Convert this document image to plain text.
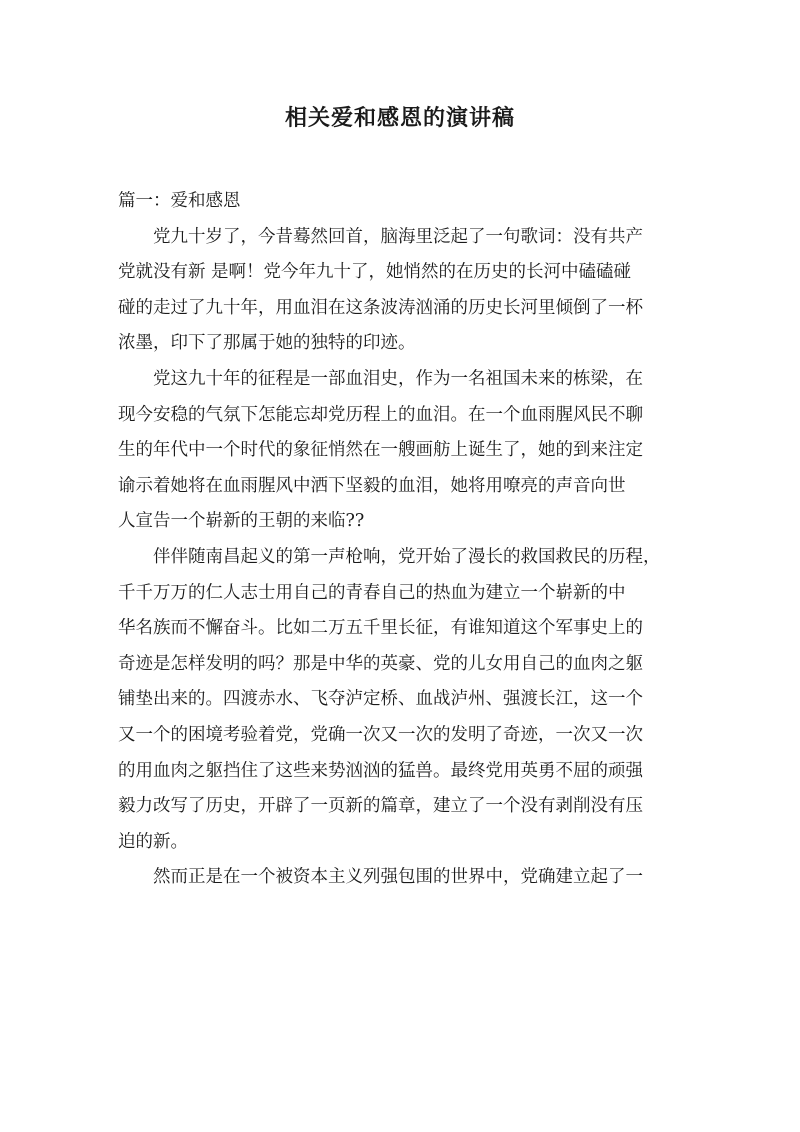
相关爱和感恩的演讲稿
篇一：爱和感恩
　　党九十岁了，今昔蓦然回首，脑海里泛起了一句歌词：没有共产
党就没有新 是啊！党今年九十了，她悄然的在历史的长河中磕磕碰
碰的走过了九十年，用血泪在这条波涛汹涌的历史长河里倾倒了一杯
浓墨，印下了那属于她的独特的印迹。
　　党这九十年的征程是一部血泪史，作为一名祖国未来的栋梁，在
现今安稳的气氛下怎能忘却党历程上的血泪。在一个血雨腥风民不聊
生的年代中一个时代的象征悄然在一艘画舫上诞生了，她的到来注定
谕示着她将在血雨腥风中洒下坚毅的血泪，她将用嘹亮的声音向世
人宣告一个崭新的王朝的来临??
　　伴伴随南昌起义的第一声枪响，党开始了漫长的救国救民的历程，
千千万万的仁人志士用自己的青春自己的热血为建立一个崭新的中
华名族而不懈奋斗。比如二万五千里长征，有谁知道这个军事史上的
奇迹是怎样发明的吗？那是中华的英豪、党的儿女用自己的血肉之躯
铺垫出来的。四渡赤水、飞夺泸定桥、血战泸州、强渡长江，这一个
又一个的困境考验着党，党确一次又一次的发明了奇迹，一次又一次
的用血肉之躯挡住了这些来势汹汹的猛兽。最终党用英勇不屈的顽强
毅力改写了历史，开辟了一页新的篇章，建立了一个没有剥削没有压
迫的新。
　　然而正是在一个被资本主义列强包围的世界中，党确建立起了一
